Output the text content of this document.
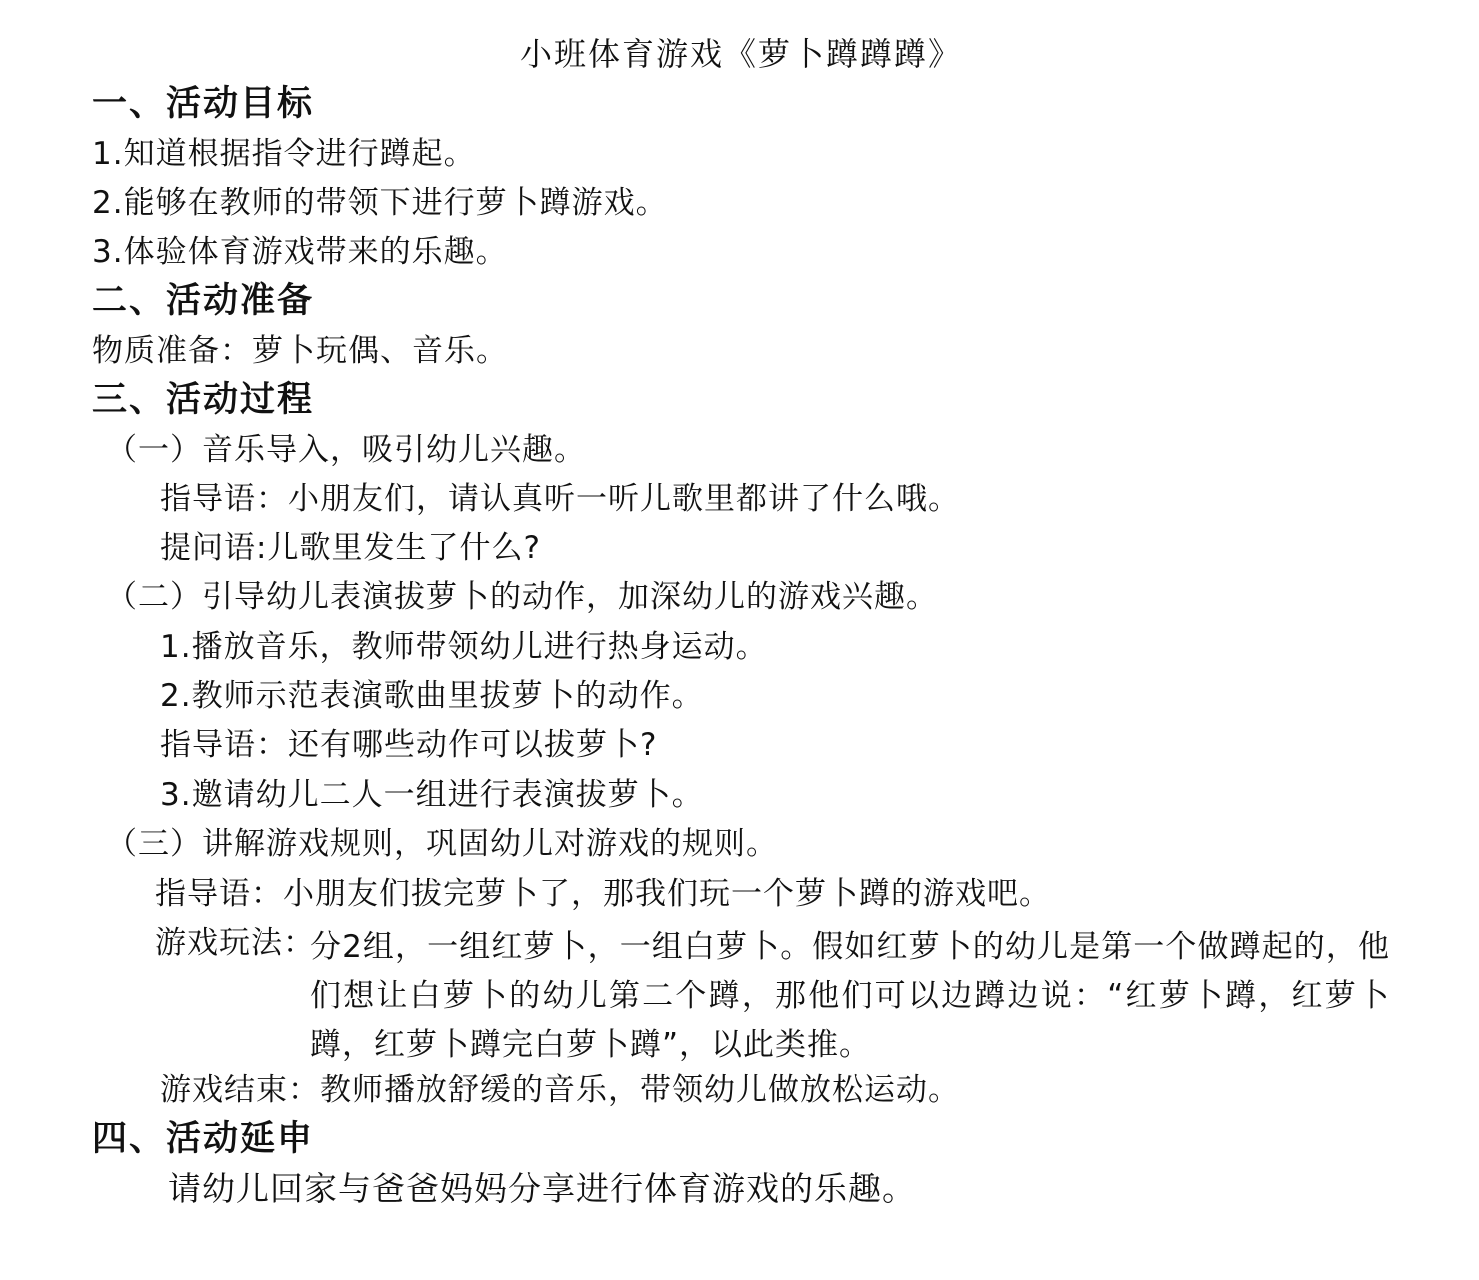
小班体育游戏《萝卜蹲蹲蹲》
一、活动目标
1.知道根据指令进行蹲起。
2.能够在教师的带领下进行萝卜蹲游戏。
3.体验体育游戏带来的乐趣。
二、活动准备
物质准备：萝卜玩偶、音乐。
三、活动过程
（一）音乐导入，吸引幼儿兴趣。
指导语：小朋友们，请认真听一听儿歌里都讲了什么哦。
提问语:儿歌里发生了什么?
（二）引导幼儿表演拔萝卜的动作，加深幼儿的游戏兴趣。
1.播放音乐，教师带领幼儿进行热身运动。
2.教师示范表演歌曲里拔萝卜的动作。
指导语：还有哪些动作可以拔萝卜?
3.邀请幼儿二人一组进行表演拔萝卜。
（三）讲解游戏规则，巩固幼儿对游戏的规则。
指导语：小朋友们拔完萝卜了，那我们玩一个萝卜蹲的游戏吧。
游戏玩法：
分2组，一组红萝卜，一组白萝卜。假如红萝卜的幼儿是第一个做蹲起的，他们想让白萝卜的幼儿第二个蹲，那他们可以边蹲边说：“红萝卜蹲，红萝卜蹲，红萝卜蹲完白萝卜蹲”，以此类推。
游戏结束：教师播放舒缓的音乐，带领幼儿做放松运动。
四、活动延申
请幼儿回家与爸爸妈妈分享进行体育游戏的乐趣。
